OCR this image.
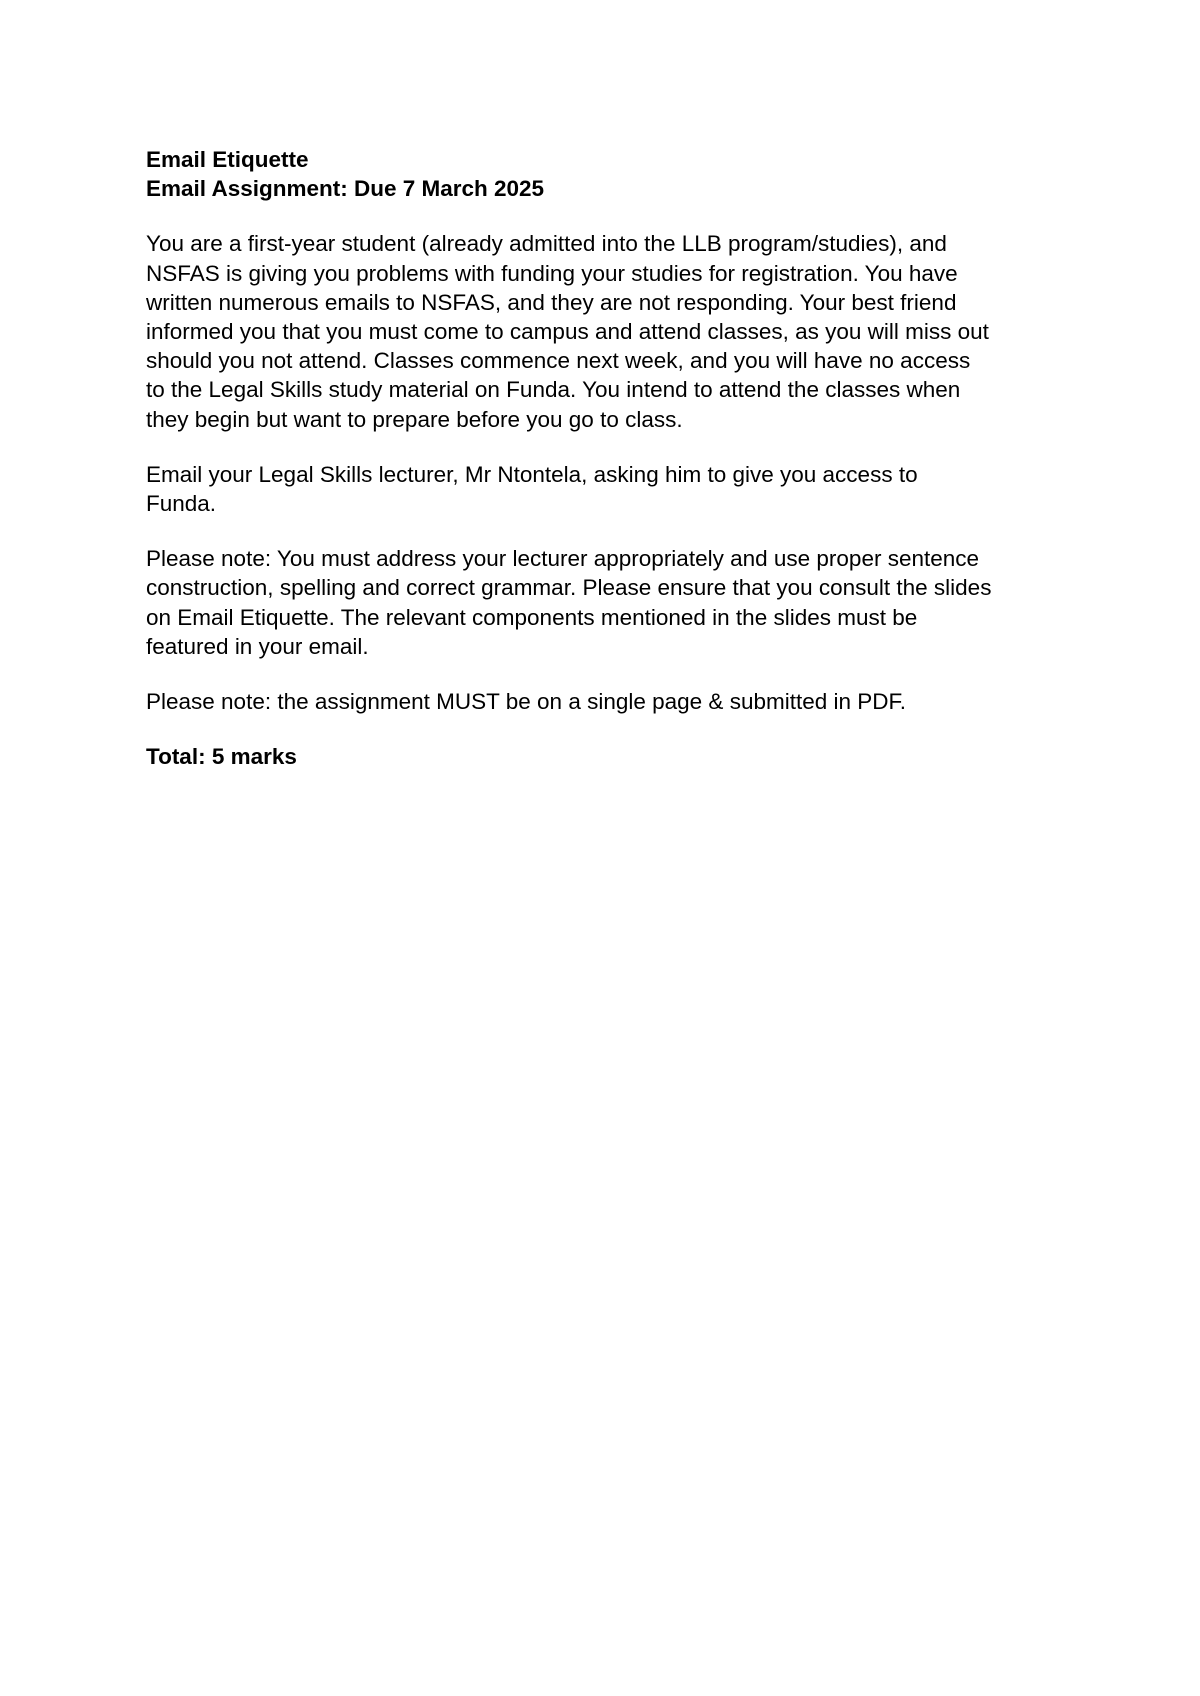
Email Etiquette

Email Assignment: Due 7 March 2025

You are a first-year student (already admitted into the LLB program/studies), and
NSFAS is giving you problems with funding your studies for registration. You have
written numerous emails to NSFAS, and they are not responding. Your best friend
informed you that you must come to campus and attend classes, as you will miss out
should you not attend. Classes commence next week, and you will have no access
to the Legal Skills study material on Funda. You intend to attend the classes when
they begin but want to prepare before you go to class.

Email your Legal Skills lecturer, Mr Ntontela, asking him to give you access to
Funda.

Please note: You must address your lecturer appropriately and use proper sentence
construction, spelling and correct grammar. Please ensure that you consult the slides
on Email Etiquette. The relevant components mentioned in the slides must be
featured in your email.

Please note: the assignment MUST be on a single page & submitted in PDF.

Total: 5 marks
